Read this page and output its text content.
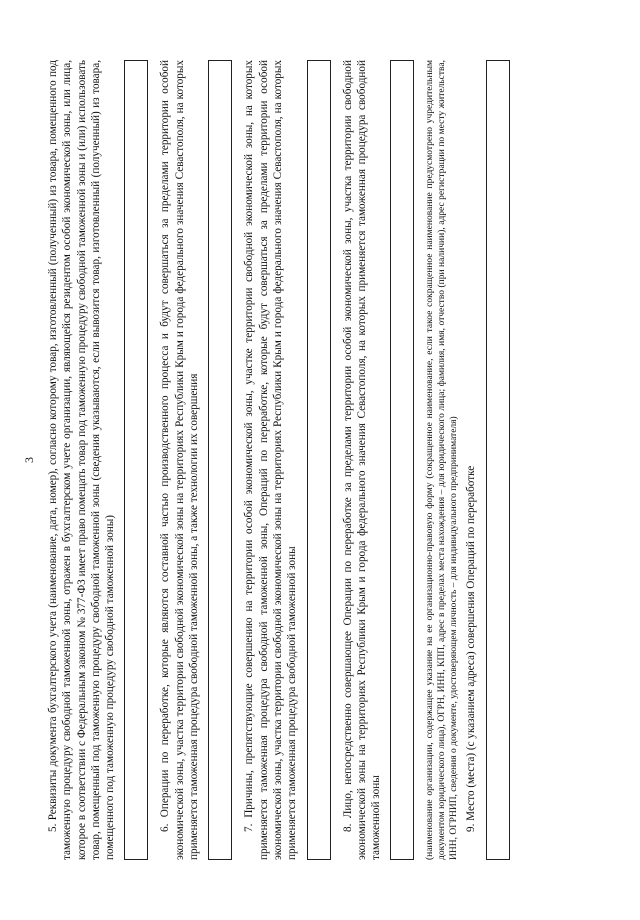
3 5. Реквизиты документа бухгалтерского учета (наименование, дата, номер), согласно которому товар, изготовленный (полученный) из товара, помещенного под таможенную процедуру свободной таможенной зоны, отражен в бухгалтерском учете организации, являющейся резидентом особой экономической зоны, или лица, которое в соответствии с Федеральным законом № 377-ФЗ имеет право помещать товар под таможенную процедуру свободной таможенной зоны и (или) использовать товар, помещенный под таможенную процедуру свободной таможенной зоны (сведения указываются, если вывозится товар, изготовленный (полученный) из товара, помещенного под таможенную процедуру свободной таможенной зоны)	6. Операции по переработке, которые являются составной частью производственного процесса и будут совершаться за пределами территории особой экономической зоны, участка территории свободной экономической зоны на территориях Республики Крым и города федерального значения Севастополя, на которых применяется таможенная процедура свободной таможенной зоны, а также технологии их совершения	7. Причины, препятствующие совершению на территории особой экономической зоны, участке территории свободной экономической зоны, на которых применяется таможенная процедура свободной таможенной зоны, Операций по переработке, которые будут совершаться за пределами территории особой экономической зоны, участка территории свободной экономической зоны на территориях Республики Крым и города федерального значения Севастополя, на которых применяется таможенная процедура свободной таможенной зоны	8. Лицо, непосредственно совершающее Операции по переработке за пределами территории особой экономической зоны, участка территории свободной экономической зоны на территориях Республики Крым и города федерального значения Севастополя, на которых применяется таможенная процедура свободной таможенной зоны	(наименование организации, содержащее указание на ее организационно-правовую форму (сокращенное наименование, если такое сокращенное наименование предусмотрено учредительным документом юридического лица), ОГРН, ИНН, КПП, адрес в пределах места нахождения – для юридического лица; фамилия, имя, отчество (при наличии), адрес регистрации по месту жительства, ИНН, ОГРНИП, сведения о документе, удостоверяющем личность – для индивидуального предпринимателя) 9. Место (места) (с указанием адреса) совершения Операций по переработке
